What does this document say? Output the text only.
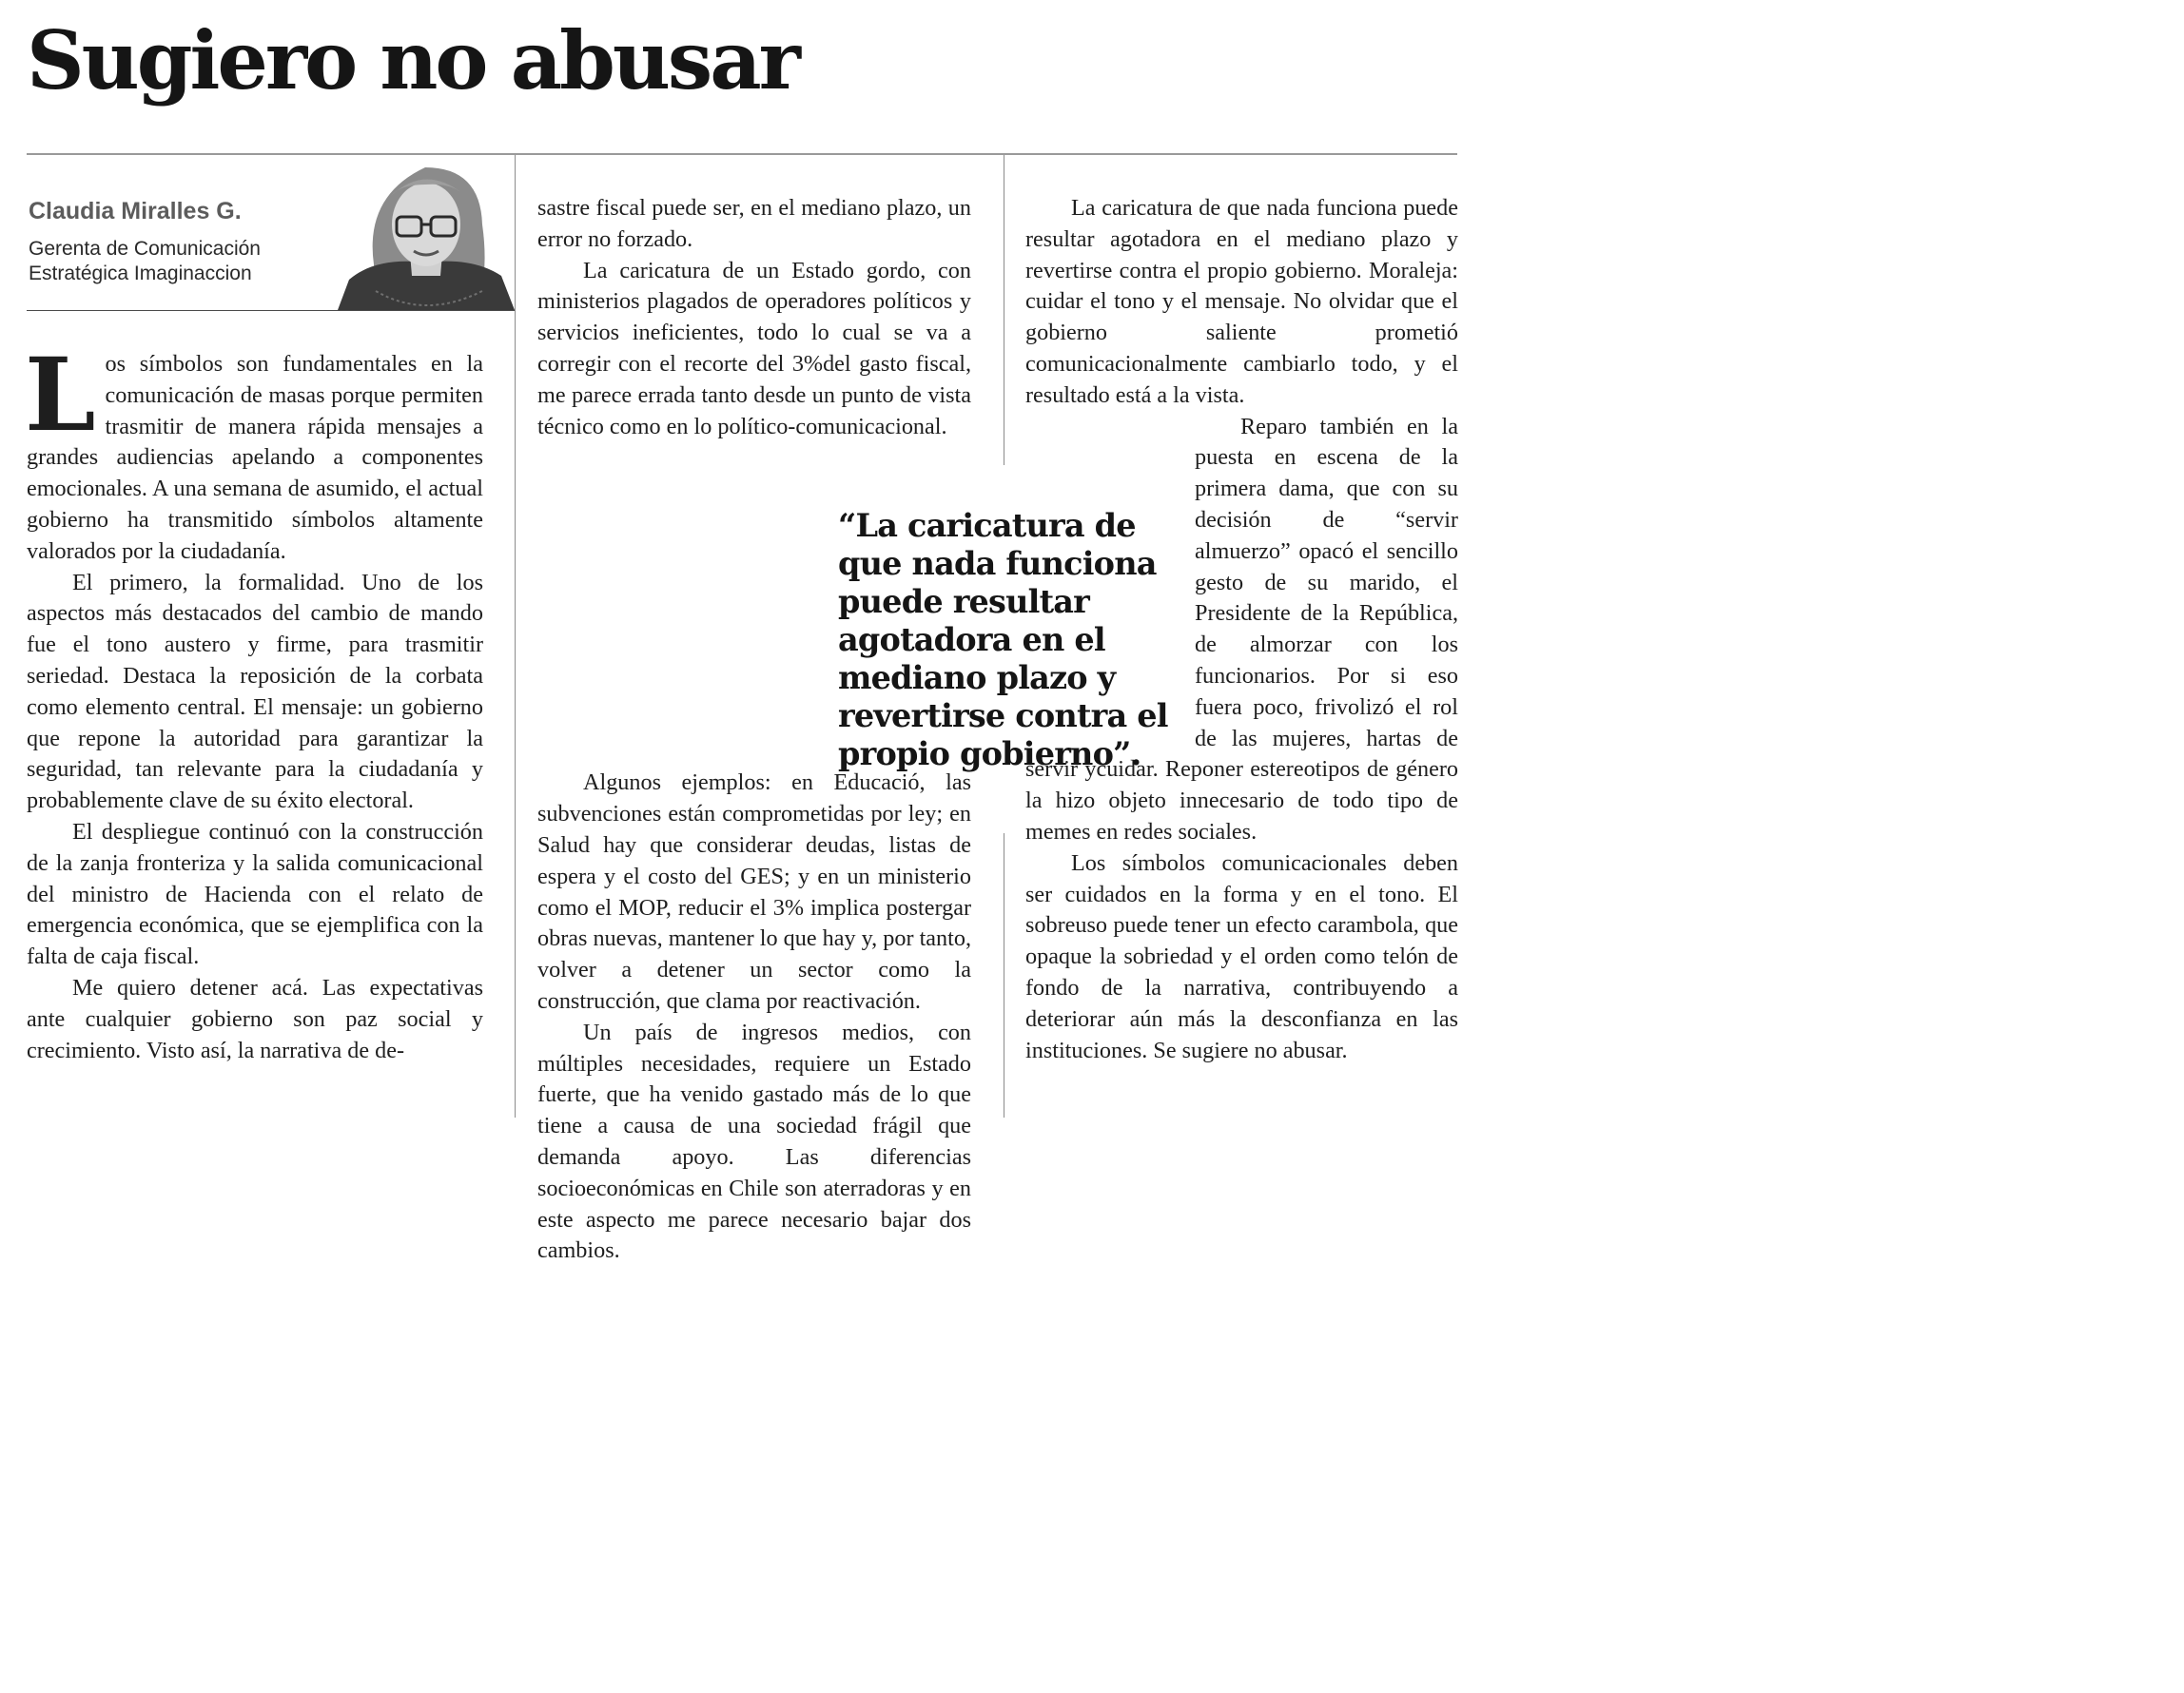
Sugiero no abusar
Claudia Miralles G.
Gerenta de Comunicación Estratégica Imaginaccion

Los símbolos son fundamentales en la comunicación de masas porque permiten trasmitir de manera rápida mensajes a grandes audiencias apelando a componentes emocionales. A una semana de asumido, el actual gobierno ha transmitido símbolos altamente valorados por la ciudadanía.

El primero, la formalidad. Uno de los aspectos más destacados del cambio de mando fue el tono austero y firme, para trasmitir seriedad. Destaca la reposición de la corbata como elemento central. El mensaje: un gobierno que repone la autoridad para garantizar la seguridad, tan relevante para la ciudadanía y probablemente clave de su éxito electoral.

El despliegue continuó con la construcción de la zanja fronteriza y la salida comunicacional del ministro de Hacienda con el relato de emergencia económica, que se ejemplifica con la falta de caja fiscal.

Me quiero detener acá. Las expectativas ante cualquier gobierno son paz social y crecimiento. Visto así, la narrativa de de-

sastre fiscal puede ser, en el mediano plazo, un error no forzado.

La caricatura de un Estado gordo, con ministerios plagados de operadores políticos y servicios ineficientes, todo lo cual se va a corregir con el recorte del 3%del gasto fiscal, me parece errada tanto desde un punto de vista técnico como en lo político-comunicacional.

Algunos ejemplos: en Educació, las subvenciones están comprometidas por ley; en Salud hay que considerar deudas, listas de espera y el costo del GES; y en un ministerio como el MOP, reducir el 3% implica postergar obras nuevas, mantener lo que hay y, por tanto, volver a detener un sector como la construcción, que clama por reactivación.

Un país de ingresos medios, con múltiples necesidades, requiere un Estado fuerte, que ha venido gastado más de lo que tiene a causa de una sociedad frágil que demanda apoyo. Las diferencias socioeconómicas en Chile son aterradoras y en este aspecto me parece necesario bajar dos cambios.

La caricatura de que nada funciona puede resultar agotadora en el mediano plazo y revertirse contra el propio gobierno. Moraleja: cuidar el tono y el mensaje. No olvidar que el gobierno saliente prometió comunicacionalmente cambiarlo todo, y el resultado está a la vista.

Reparo también en la puesta en escena de la primera dama, que con su decisión de “servir almuerzo” opacó el sencillo gesto de su marido, el Presidente de la República, de almorzar con los funcionarios. Por si eso fuera poco, frivolizó el rol de las mujeres, hartas de servir ycuidar. Reponer estereotipos de género la hizo objeto innecesario de todo tipo de memes en redes sociales.

Los símbolos comunicacionales deben ser cuidados en la forma y en el tono. El sobreuso puede tener un efecto carambola, que opaque la sobriedad y el orden como telón de fondo de la narrativa, contribuyendo a deteriorar aún más la desconfianza en las instituciones. Se sugiere no abusar.

“La caricatura de que nada funciona puede resultar agotadora en el mediano plazo y revertirse contra el propio gobierno”.
